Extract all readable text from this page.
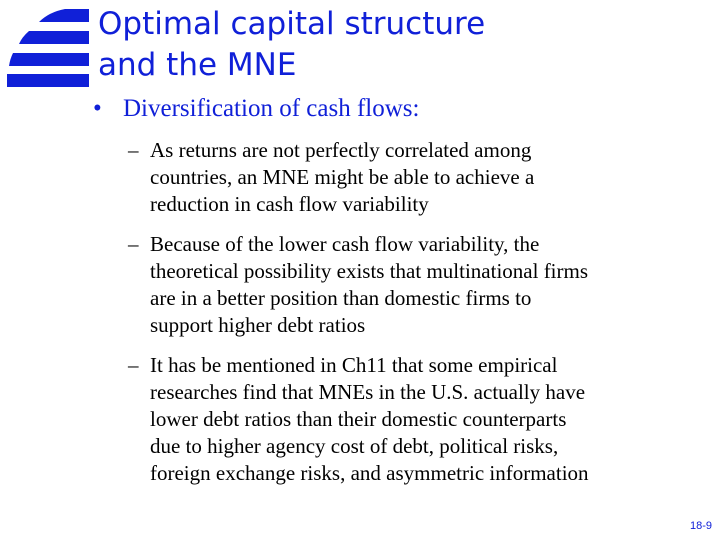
Optimal capital structure
and the MNE
• Diversification of cash flows:
– As returns are not perfectly correlated among
countries, an MNE might be able to achieve a
reduction in cash flow variability
– Because of the lower cash flow variability, the
theoretical possibility exists that multinational firms
are in a better position than domestic firms to
support higher debt ratios
– It has be mentioned in Ch11 that some empirical
researches find that MNEs in the U.S. actually have
lower debt ratios than their domestic counterparts
due to higher agency cost of debt, political risks,
foreign exchange risks, and asymmetric information
18-9
